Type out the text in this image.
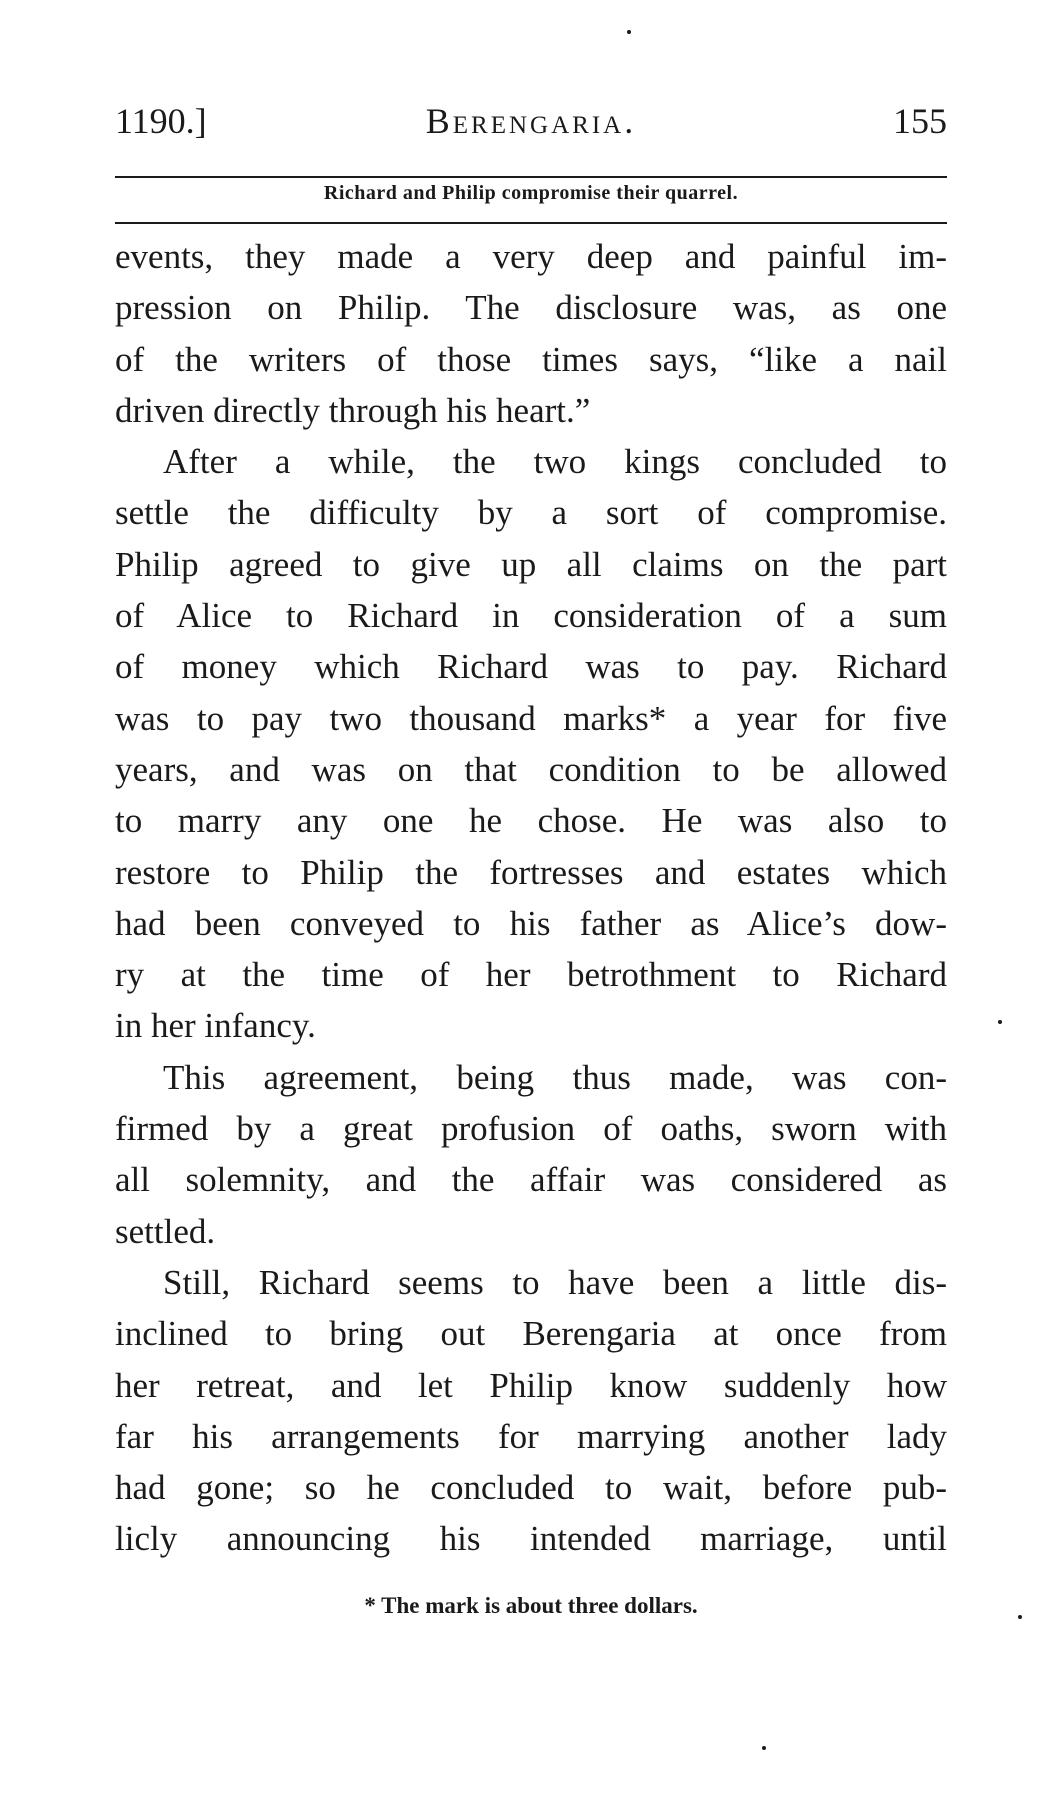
1190.]	Berengaria.	155
Richard and Philip compromise their quarrel.
events, they made a very deep and painful im-
pression on Philip. The disclosure was, as one
of the writers of those times says, “like a nail
driven directly through his heart.”
After a while, the two kings concluded to
settle the difficulty by a sort of compromise.
Philip agreed to give up all claims on the part
of Alice to Richard in consideration of a sum
of money which Richard was to pay. Richard
was to pay two thousand marks* a year for five
years, and was on that condition to be allowed
to marry any one he chose. He was also to
restore to Philip the fortresses and estates which
had been conveyed to his father as Alice’s dow-
ry at the time of her betrothment to Richard
in her infancy.
This agreement, being thus made, was con-
firmed by a great profusion of oaths, sworn with
all solemnity, and the affair was considered as
settled.
Still, Richard seems to have been a little dis-
inclined to bring out Berengaria at once from
her retreat, and let Philip know suddenly how
far his arrangements for marrying another lady
had gone; so he concluded to wait, before pub-
licly announcing his intended marriage, until
* The mark is about three dollars.
